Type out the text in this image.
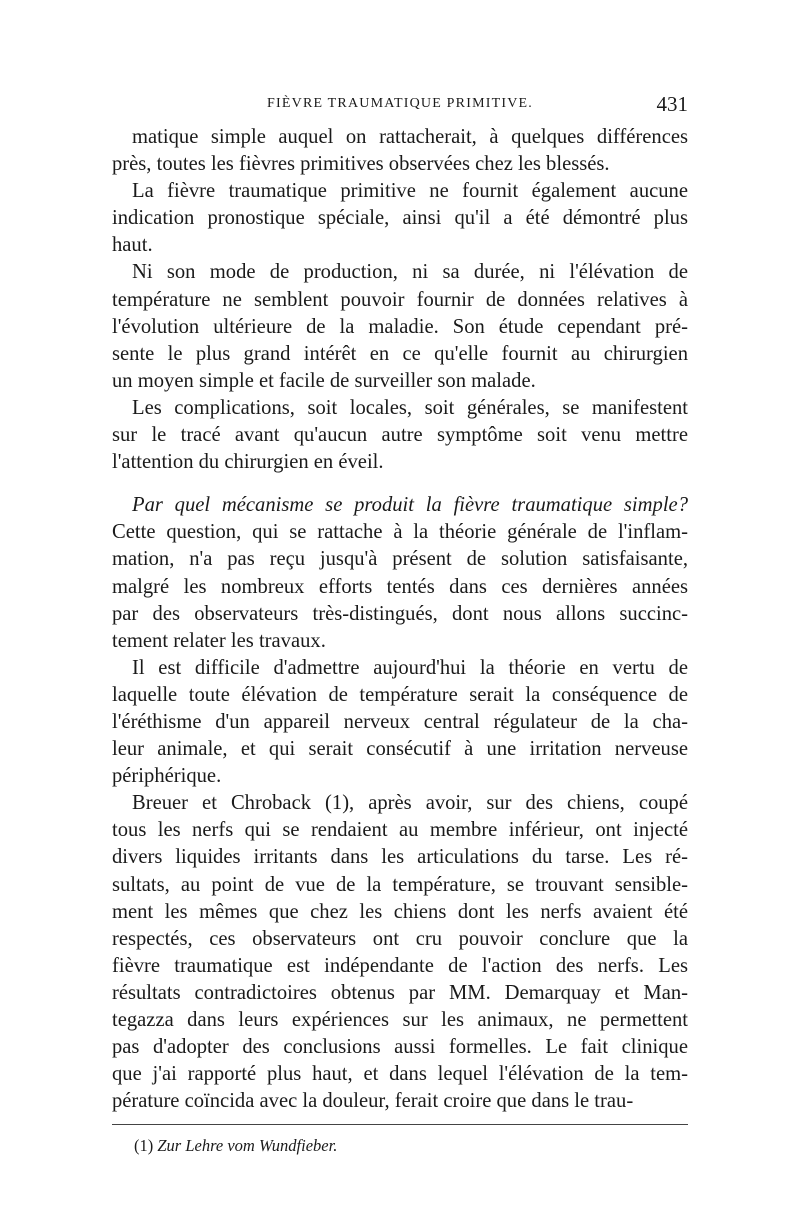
FIÈVRE TRAUMATIQUE PRIMITIVE.	431

matique simple auquel on rattacherait, à quelques différences

près, toutes les fièvres primitives observées chez les blessés.

La fièvre traumatique primitive ne fournit également aucune

indication pronostique spéciale, ainsi qu'il a été démontré plus

haut.

Ni son mode de production, ni sa durée, ni l'élévation de

température ne semblent pouvoir fournir de données relatives à

l'évolution ultérieure de la maladie. Son étude cependant pré-

sente le plus grand intérêt en ce qu'elle fournit au chirurgien

un moyen simple et facile de surveiller son malade.

Les complications, soit locales, soit générales, se manifestent

sur le tracé avant qu'aucun autre symptôme soit venu mettre

l'attention du chirurgien en éveil.

Par quel mécanisme se produit la fièvre traumatique simple?

Cette question, qui se rattache à la théorie générale de l'inflam-

mation, n'a pas reçu jusqu'à présent de solution satisfaisante,

malgré les nombreux efforts tentés dans ces dernières années

par des observateurs très-distingués, dont nous allons succinc-

tement relater les travaux.

Il est difficile d'admettre aujourd'hui la théorie en vertu de

laquelle toute élévation de température serait la conséquence de

l'éréthisme d'un appareil nerveux central régulateur de la cha-

leur animale, et qui serait consécutif à une irritation nerveuse

périphérique.

Breuer et Chroback (1), après avoir, sur des chiens, coupé

tous les nerfs qui se rendaient au membre inférieur, ont injecté

divers liquides irritants dans les articulations du tarse. Les ré-

sultats, au point de vue de la température, se trouvant sensible-

ment les mêmes que chez les chiens dont les nerfs avaient été

respectés, ces observateurs ont cru pouvoir conclure que la

fièvre traumatique est indépendante de l'action des nerfs. Les

résultats contradictoires obtenus par MM. Demarquay et Man-

tegazza dans leurs expériences sur les animaux, ne permettent

pas d'adopter des conclusions aussi formelles. Le fait clinique

que j'ai rapporté plus haut, et dans lequel l'élévation de la tem-

pérature coïncida avec la douleur, ferait croire que dans le trau-

(1) Zur Lehre vom Wundfieber.
